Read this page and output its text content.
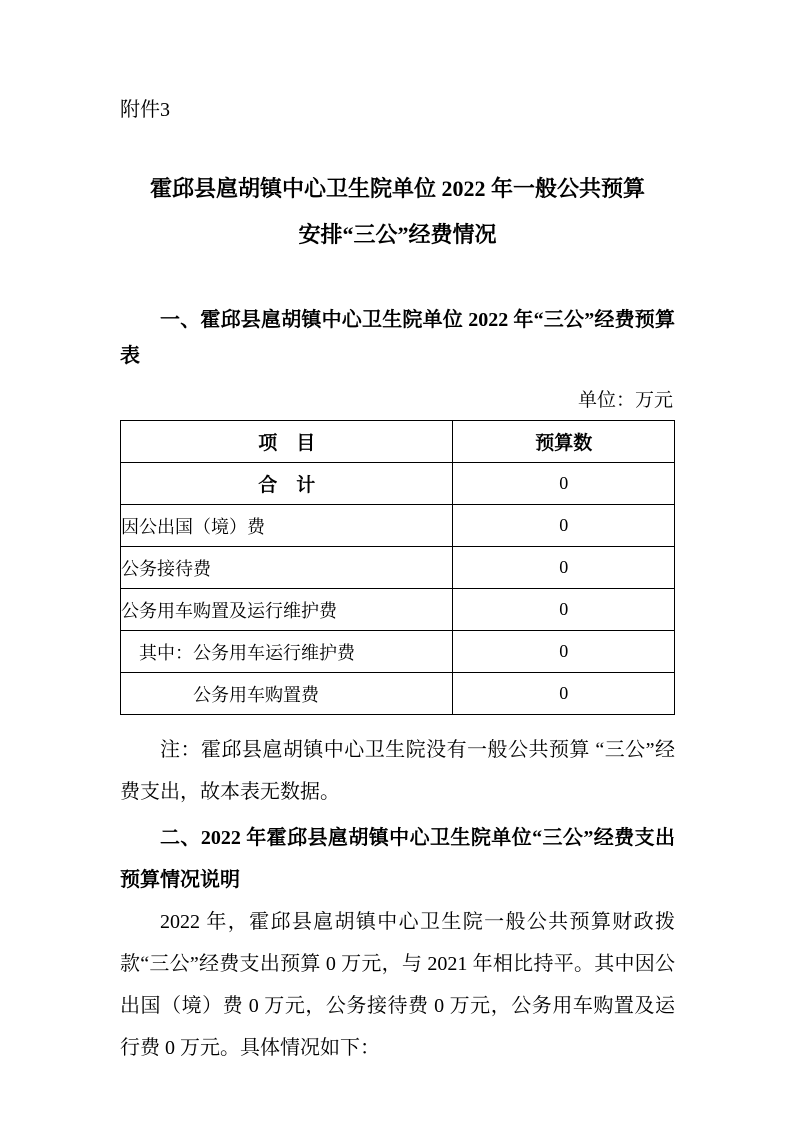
附件3
霍邱县扈胡镇中心卫生院单位 2022 年一般公共预算
安排“三公”经费情况
一、霍邱县扈胡镇中心卫生院单位 2022 年“三公”经费预算表
单位：万元
项　目	预算数
合　计	0
因公出国（境）费	0
公务接待费	0
公务用车购置及运行维护费	0
其中：公务用车运行维护费	0
公务用车购置费	0

注：霍邱县扈胡镇中心卫生院没有一般公共预算 “三公”经费支出，故本表无数据。

二、2022 年霍邱县扈胡镇中心卫生院单位“三公”经费支出预算情况说明

2022 年，霍邱县扈胡镇中心卫生院一般公共预算财政拨款“三公”经费支出预算 0 万元，与 2021 年相比持平。其中因公出国（境）费 0 万元，公务接待费 0 万元，公务用车购置及运行费 0 万元。具体情况如下：
